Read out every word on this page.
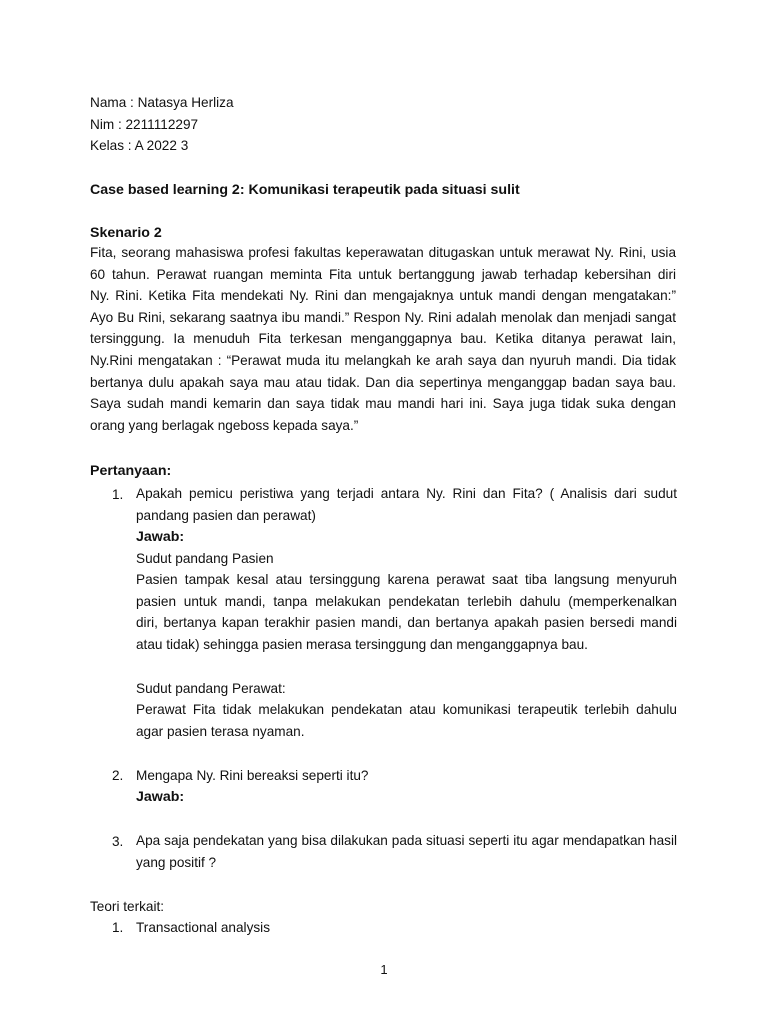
Nama : Natasya Herliza
Nim : 2211112297
Kelas : A 2022 3
Case based learning 2: Komunikasi terapeutik pada situasi sulit
Skenario 2

Fita, seorang mahasiswa profesi fakultas keperawatan ditugaskan untuk merawat Ny. Rini, usia

60 tahun. Perawat ruangan meminta Fita untuk bertanggung jawab terhadap kebersihan diri

Ny. Rini. Ketika Fita mendekati Ny. Rini dan mengajaknya untuk mandi dengan mengatakan:”

Ayo Bu Rini, sekarang saatnya ibu mandi.” Respon Ny. Rini adalah menolak dan menjadi sangat

tersinggung. Ia menuduh Fita terkesan menganggapnya bau. Ketika ditanya perawat lain,

Ny.Rini mengatakan : “Perawat muda itu melangkah ke arah saya dan nyuruh mandi. Dia tidak

bertanya dulu apakah saya mau atau tidak. Dan dia sepertinya menganggap badan saya bau.

Saya sudah mandi kemarin dan saya tidak mau mandi hari ini. Saya juga tidak suka dengan

orang yang berlagak ngeboss kepada saya.”

Pertanyaan:
1. Apakah pemicu peristiwa yang terjadi antara Ny. Rini dan Fita? ( Analisis dari sudut

pandang pasien dan perawat)

Jawab:
Sudut pandang Pasien

Pasien tampak kesal atau tersinggung karena perawat saat tiba langsung menyuruh

pasien untuk mandi, tanpa melakukan pendekatan terlebih dahulu (memperkenalkan

diri, bertanya kapan terakhir pasien mandi, dan bertanya apakah pasien bersedi mandi

atau tidak) sehingga pasien merasa tersinggung dan menganggapnya bau.

Sudut pandang Perawat:

Perawat Fita tidak melakukan pendekatan atau komunikasi terapeutik terlebih dahulu

agar pasien terasa nyaman.

2. Mengapa Ny. Rini bereaksi seperti itu?
Jawab:
3. Apa saja pendekatan yang bisa dilakukan pada situasi seperti itu agar mendapatkan hasil

yang positif ?

Teori terkait:
1. Transactional analysis
1
